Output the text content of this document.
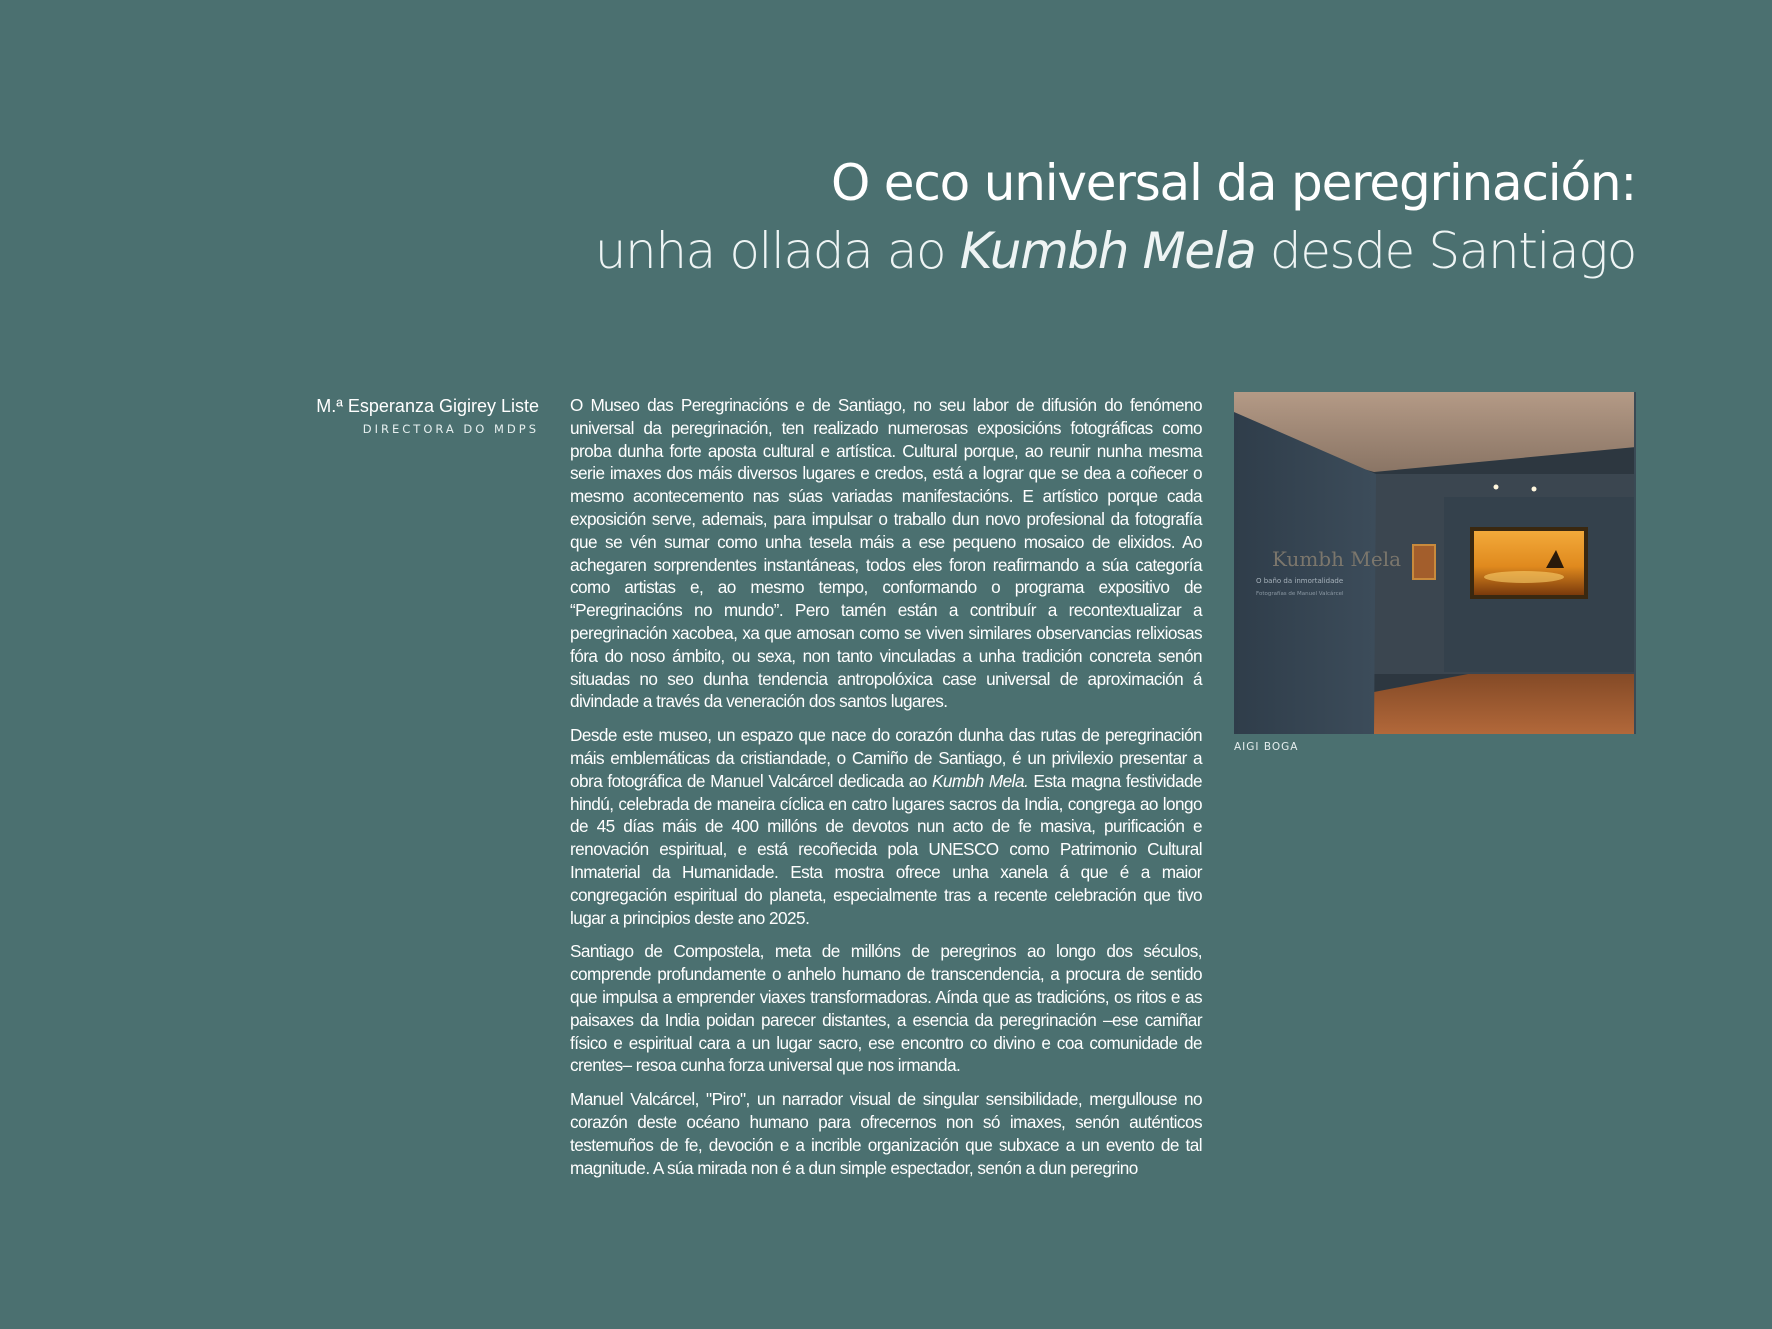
O eco universal da peregrinación:
unha ollada ao Kumbh Mela desde Santiago
M.ª Esperanza Gigirey Liste
DIRECTORA DO MDPS

O Museo das Peregrinacións e de Santiago, no seu labor de difusión do fenómeno universal da peregrinación, ten realizado numerosas exposicións fotográficas como proba dunha forte aposta cultural e artística. Cultural porque, ao reunir nunha mesma serie imaxes dos máis diversos lugares e credos, está a lograr que se dea a coñecer o mesmo acontecemento nas súas variadas manifestacións. E artístico porque cada exposición serve, ademais, para impulsar o traballo dun novo profesional da fotografía que se vén sumar como unha tesela máis a ese pequeno mosaico de elixidos. Ao achegaren sorprendentes instantáneas, todos eles foron reafirmando a súa categoría como artistas e, ao mesmo tempo, conformando o programa expositivo de “Peregrinacións no mundo”. Pero tamén están a contribuír a recontextualizar a peregrinación xacobea, xa que amosan como se viven similares observancias relixiosas fóra do noso ámbito, ou sexa, non tanto vinculadas a unha tradición concreta senón situadas no seo dunha tendencia antropolóxica case universal de aproximación á divindade a través da veneración dos santos lugares.

Desde este museo, un espazo que nace do corazón dunha das rutas de peregrinación máis emblemáticas da cristiandade, o Camiño de Santiago, é un privilexio presentar a obra fotográfica de Manuel Valcárcel dedicada ao Kumbh Mela. Esta magna festividade hindú, celebrada de maneira cíclica en catro lugares sacros da India, congrega ao longo de 45 días máis de 400 millóns de devotos nun acto de fe masiva, purificación e renovación espiritual, e está recoñecida pola UNESCO como Patrimonio Cultural Inmaterial da Humanidade. Esta mostra ofrece unha xanela á que é a maior congregación espiritual do planeta, especialmente tras a recente celebración que tivo lugar a principios deste ano 2025.

Santiago de Compostela, meta de millóns de peregrinos ao longo dos séculos, comprende profundamente o anhelo humano de transcendencia, a procura de sentido que impulsa a emprender viaxes transformadoras. Aínda que as tradicións, os ritos e as paisaxes da India poidan parecer distantes, a esencia da peregrinación –ese camiñar físico e espiritual cara a un lugar sacro, ese encontro co divino e coa comunidade de crentes– resoa cunha forza universal que nos irmanda.

Manuel Valcárcel, "Piro", un narrador visual de singular sensibilidade, mergullouse no corazón deste océano humano para ofrecernos non só imaxes, senón auténticos testemuños de fe, devoción e a incrible organización que subxace a un evento de tal magnitude. A súa mirada non é a dun simple espectador, senón a dun peregrino

Kumbh Mela
O baño da inmortalidade
Fotografías de Manuel Valcárcel
AIGI BOGA
